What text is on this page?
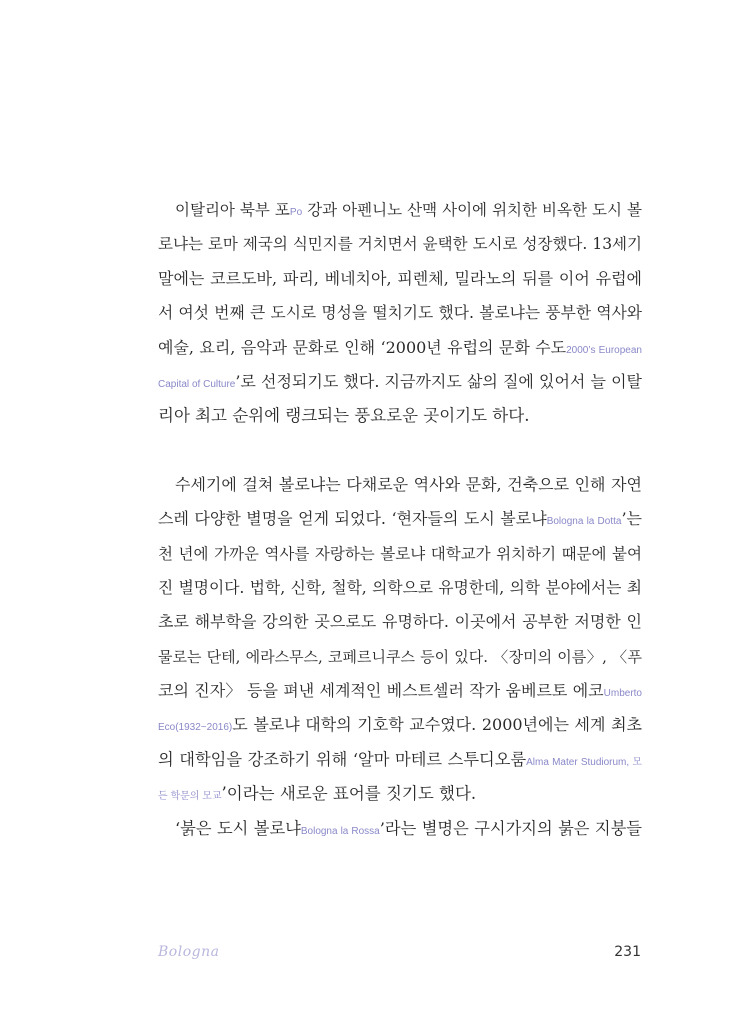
이탈리아 북부 포Po 강과 아펜니노 산맥 사이에 위치한 비옥한 도시 볼

로냐는 로마 제국의 식민지를 거치면서 윤택한 도시로 성장했다. 13세기

말에는 코르도바, 파리, 베네치아, 피렌체, 밀라노의 뒤를 이어 유럽에

서 여섯 번째 큰 도시로 명성을 떨치기도 했다. 볼로냐는 풍부한 역사와

예술, 요리, 음악과 문화로 인해 ‘2000년 유럽의 문화 수도2000’s European

Capital of Culture’로 선정되기도 했다. 지금까지도 삶의 질에 있어서 늘 이탈

리아 최고 순위에 랭크되는 풍요로운 곳이기도 하다.

수세기에 걸쳐 볼로냐는 다채로운 역사와 문화, 건축으로 인해 자연

스레 다양한 별명을 얻게 되었다. ‘현자들의 도시 볼로냐Bologna la Dotta’는

천 년에 가까운 역사를 자랑하는 볼로냐 대학교가 위치하기 때문에 붙여

진 별명이다. 법학, 신학, 철학, 의학으로 유명한데, 의학 분야에서는 최

초로 해부학을 강의한 곳으로도 유명하다. 이곳에서 공부한 저명한 인

물로는 단테, 에라스무스, 코페르니쿠스 등이 있다. 〈장미의 이름〉, 〈푸

코의 진자〉 등을 펴낸 세계적인 베스트셀러 작가 움베르토 에코Umberto

Eco(1932~2016)도 볼로냐 대학의 기호학 교수였다. 2000년에는 세계 최초

의 대학임을 강조하기 위해 ‘알마 마테르 스투디오룸Alma Mater Studiorum, 모

든 학문의 모교’이라는 새로운 표어를 짓기도 했다.

‘붉은 도시 볼로냐Bologna la Rossa’라는 별명은 구시가지의 붉은 지붕들

Bologna	231
